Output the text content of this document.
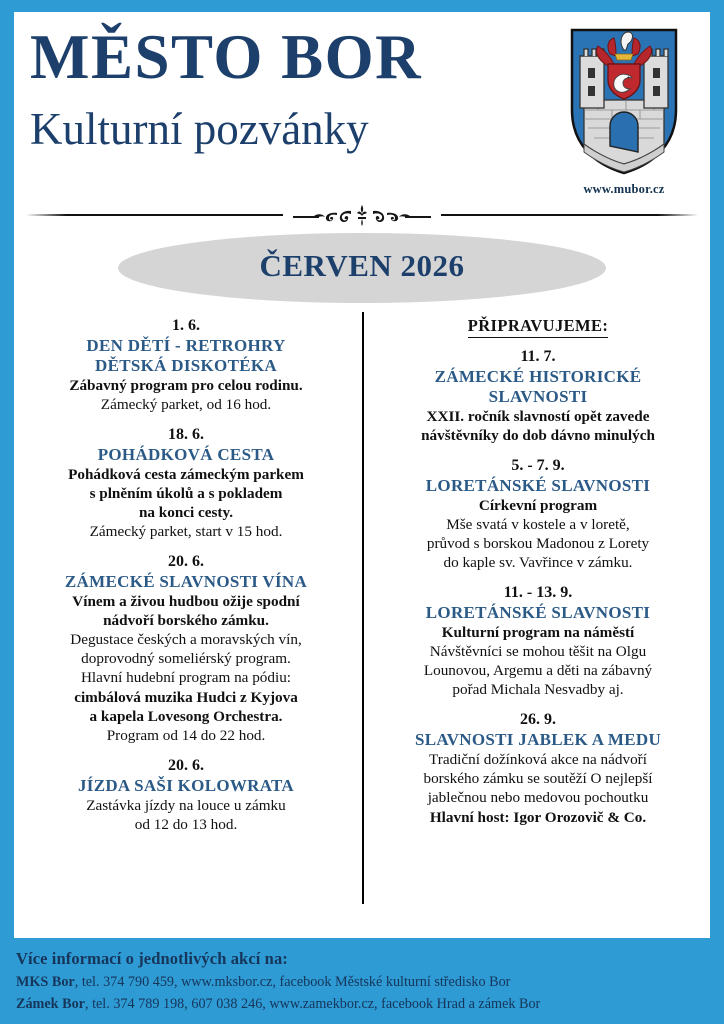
MĚSTO BOR
Kulturní pozvánky
www.mubor.cz
ČERVEN 2026
1. 6.
DEN DĚTÍ - RETROHRY
DĚTSKÁ DISKOTÉKA
Zábavný program pro celou rodinu.
Zámecký parket, od 16 hod.
18. 6.
POHÁDKOVÁ CESTA
Pohádková cesta zámeckým parkem
s plněním úkolů a s pokladem
na konci cesty.
Zámecký parket, start v 15 hod.
20. 6.
ZÁMECKÉ SLAVNOSTI VÍNA
Vínem a živou hudbou ožije spodní
nádvoří borského zámku.
Degustace českých a moravských vín,
doprovodný someliérský program.
Hlavní hudební program na pódiu:
cimbálová muzika Hudci z Kyjova
a kapela Lovesong Orchestra.
Program od 14 do 22 hod.
20. 6.
JÍZDA SAŠI KOLOWRATA
Zastávka jízdy na louce u zámku
od 12 do 13 hod.
PŘIPRAVUJEME:
11. 7.
ZÁMECKÉ HISTORICKÉ
SLAVNOSTI
XXII. ročník slavností opět zavede
návštěvníky do dob dávno minulých
5. - 7. 9.
LORETÁNSKÉ SLAVNOSTI
Církevní program
Mše svatá v kostele a v loretě,
průvod s borskou Madonou z Lorety
do kaple sv. Vavřince v zámku.
11. - 13. 9.
LORETÁNSKÉ SLAVNOSTI
Kulturní program na náměstí
Návštěvníci se mohou těšit na Olgu
Lounovou, Argemu a děti na zábavný
pořad Michala Nesvadby aj.
26. 9.
SLAVNOSTI JABLEK A MEDU
Tradiční dožínková akce na nádvoří
borského zámku se soutěží O nejlepší
jablečnou nebo medovou pochoutku
Hlavní host: Igor Orozovič & Co.
Více informací o jednotlivých akcí na:
MKS Bor, tel. 374 790 459, www.mksbor.cz, facebook Městské kulturní středisko Bor
Zámek Bor, tel. 374 789 198, 607 038 246, www.zamekbor.cz, facebook Hrad a zámek Bor
